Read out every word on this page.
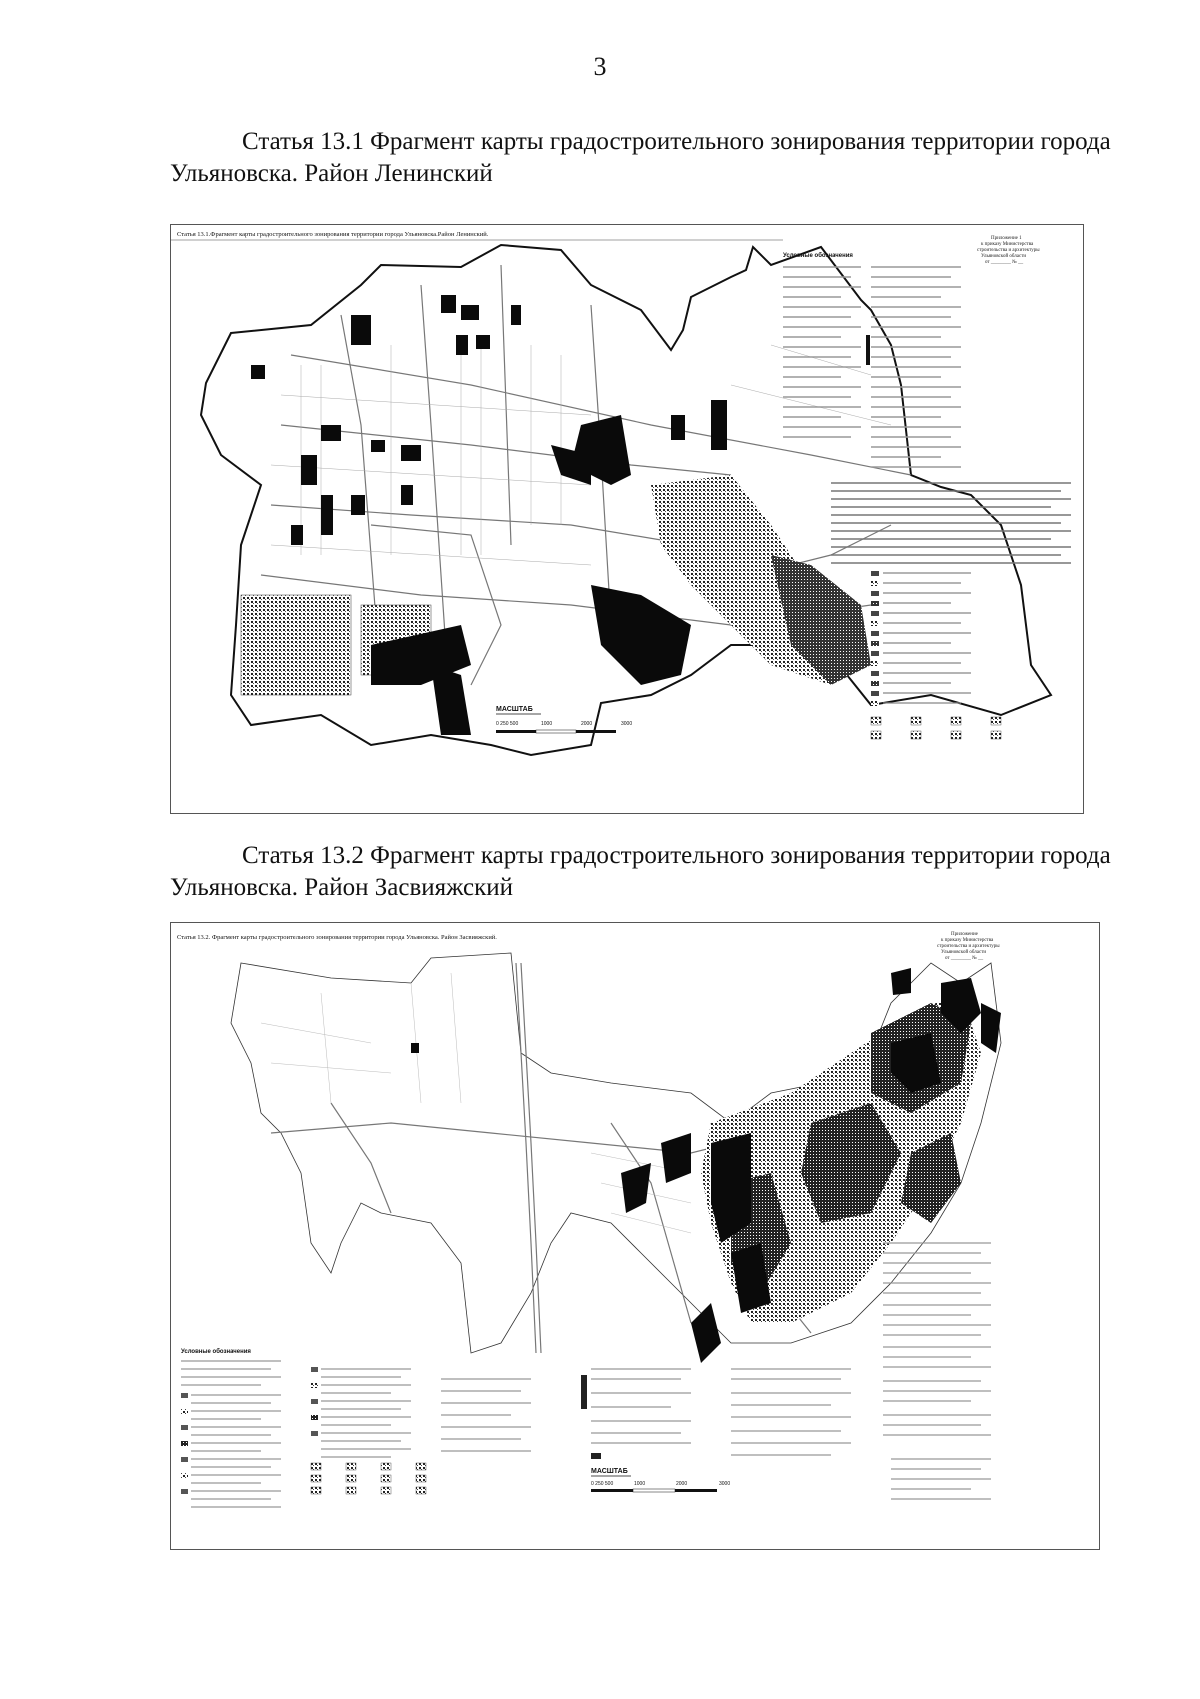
3

Статья 13.1 Фрагмент карты градостроительного зонирования территории города Ульяновска. Район Ленинский

Статья 13.1.Фрагмент карты градостроительного зонирования территории города Ульяновска.Район Ленинский.
Приложение 1
к приказу Министерства
строительства и архитектуры
Ульяновской области
от ________ № __
МАСШТАБ
0 250 500	1000	2000	3000
Условные обозначения

Статья 13.2 Фрагмент карты градостроительного зонирования территории города Ульяновска. Район Засвияжский

Статья 13.2. Фрагмент карты градостроительного зонирования территории города Ульяновска. Район Засвияжский.	Приложение
к приказу Министерства
строительства и архитектуры
Ульяновской области
от ________ № __
Условные обозначения
МАСШТАБ
0 250 500	1000	2000	3000
